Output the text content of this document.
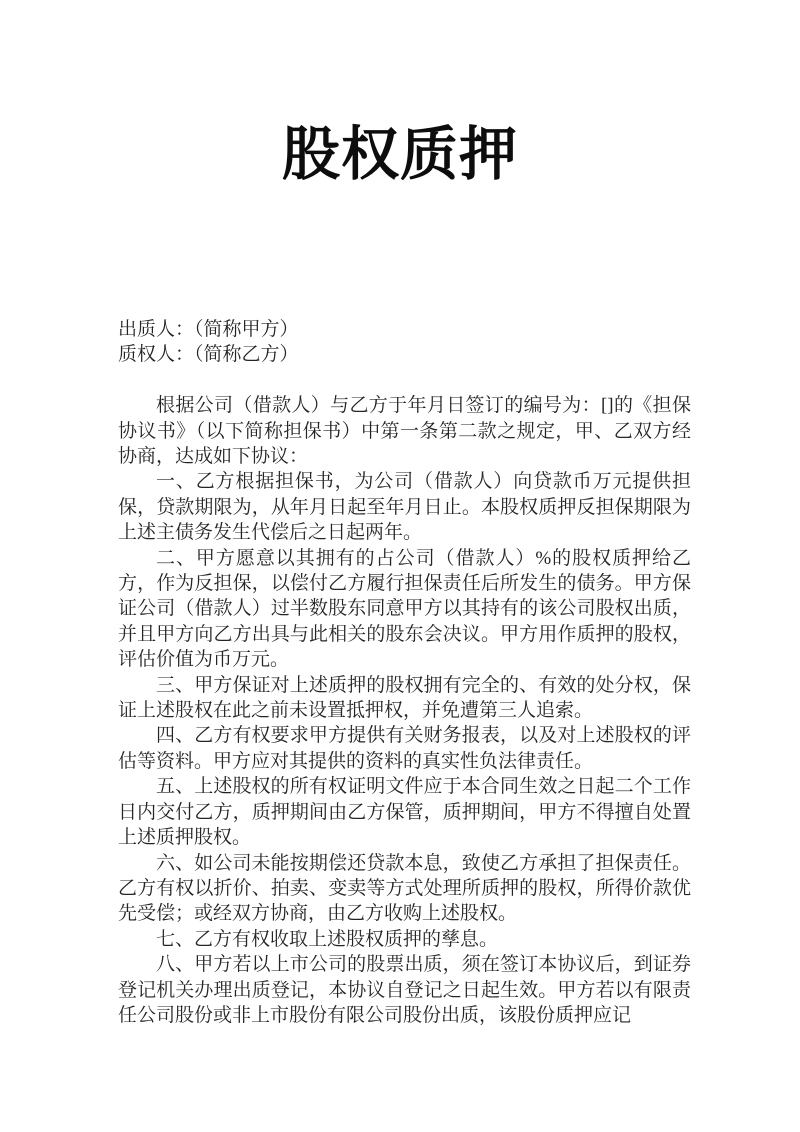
股权质押

出质人：（简称甲方）

质权人：（简称乙方）

根据公司（借款人）与乙方于年月日签订的编号为：[]的《担保协议书》（以下简称担保书）中第一条第二款之规定，甲、乙双方经协商，达成如下协议：

一、乙方根据担保书，为公司（借款人）向贷款币万元提供担保，贷款期限为，从年月日起至年月日止。本股权质押反担保期限为上述主债务发生代偿后之日起两年。

二、甲方愿意以其拥有的占公司（借款人）%的股权质押给乙方，作为反担保，以偿付乙方履行担保责任后所发生的债务。甲方保证公司（借款人）过半数股东同意甲方以其持有的该公司股权出质，并且甲方向乙方出具与此相关的股东会决议。甲方用作质押的股权，评估价值为币万元。

三、甲方保证对上述质押的股权拥有完全的、有效的处分权，保证上述股权在此之前未设置抵押权，并免遭第三人追索。

四、乙方有权要求甲方提供有关财务报表，以及对上述股权的评估等资料。甲方应对其提供的资料的真实性负法律责任。

五、上述股权的所有权证明文件应于本合同生效之日起二个工作日内交付乙方，质押期间由乙方保管，质押期间，甲方不得擅自处置上述质押股权。

六、如公司未能按期偿还贷款本息，致使乙方承担了担保责任。乙方有权以折价、拍卖、变卖等方式处理所质押的股权，所得价款优先受偿；或经双方协商，由乙方收购上述股权。

七、乙方有权收取上述股权质押的孳息。

八、甲方若以上市公司的股票出质，须在签订本协议后，到证券登记机关办理出质登记，本协议自登记之日起生效。甲方若以有限责任公司股份或非上市股份有限公司股份出质，该股份质押应记
